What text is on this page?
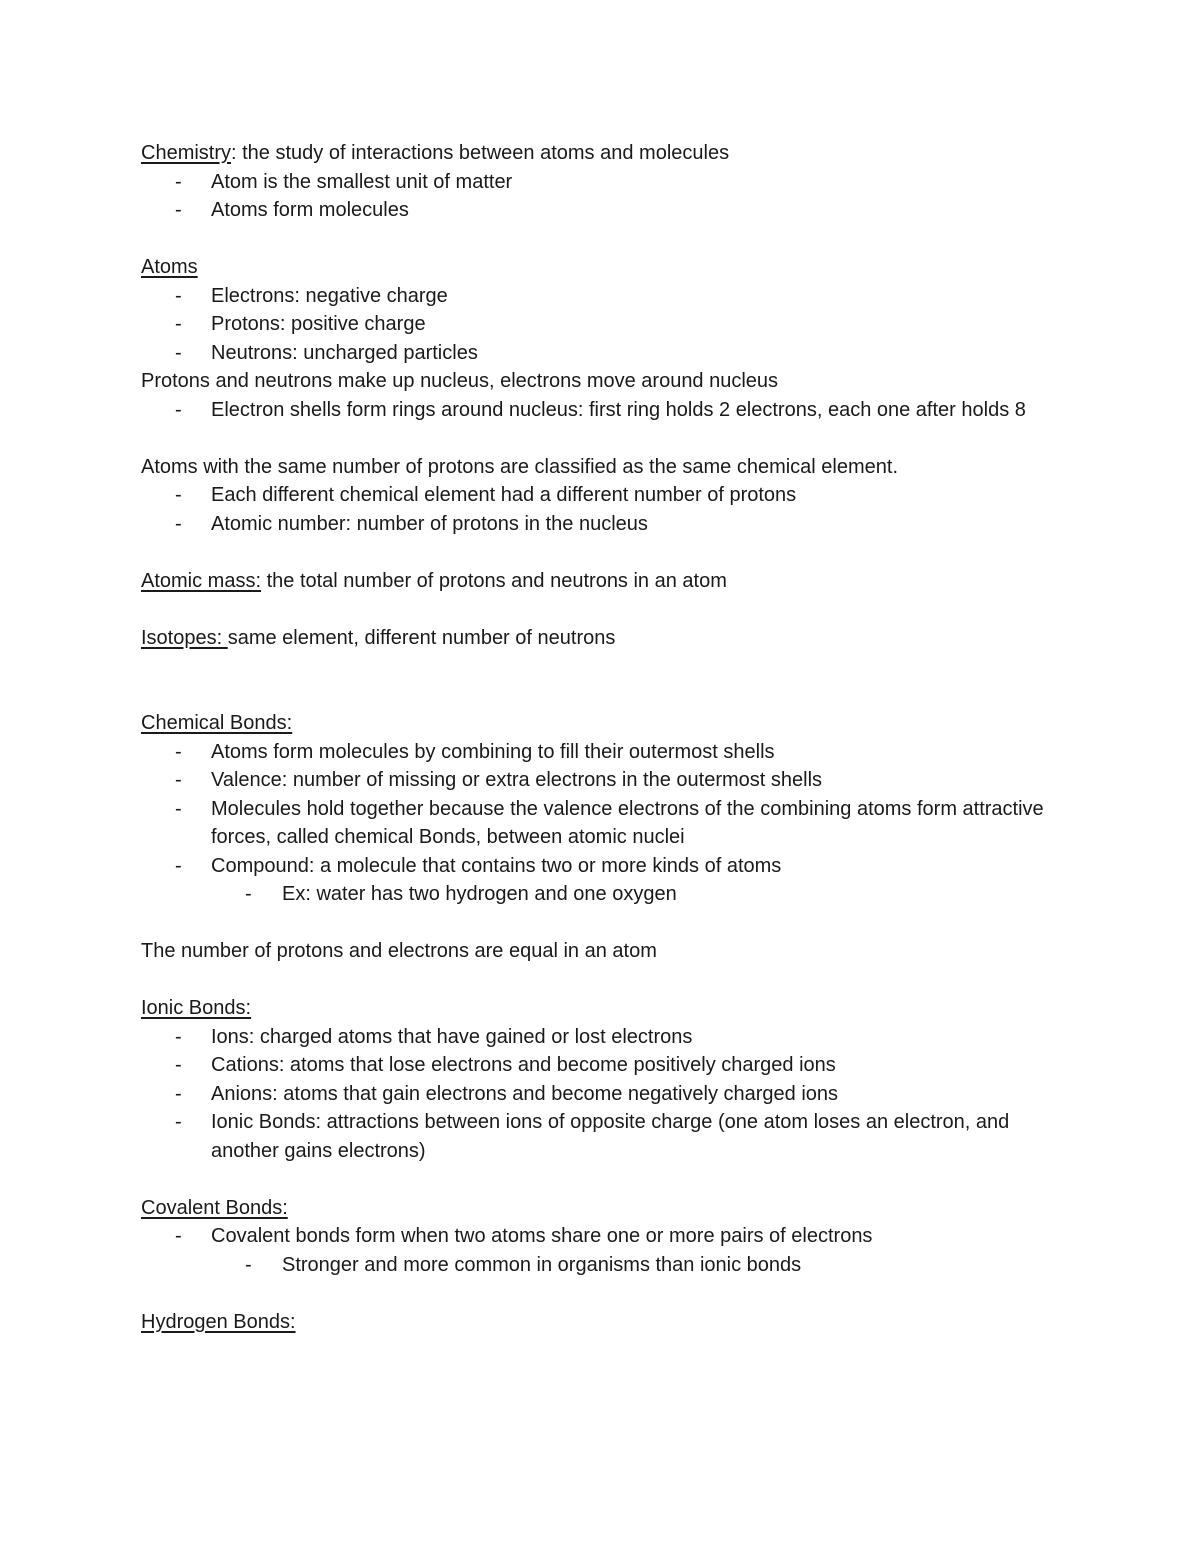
Chemistry: the study of interactions between atoms and molecules
- Atom is the smallest unit of matter
- Atoms form molecules
Atoms
- Electrons: negative charge
- Protons: positive charge
- Neutrons: uncharged particles
Protons and neutrons make up nucleus, electrons move around nucleus
- Electron shells form rings around nucleus: first ring holds 2 electrons, each one after holds 8
Atoms with the same number of protons are classified as the same chemical element.
- Each different chemical element had a different number of protons
- Atomic number: number of protons in the nucleus
Atomic mass: the total number of protons and neutrons in an atom
Isotopes: same element, different number of neutrons
Chemical Bonds:
- Atoms form molecules by combining to fill their outermost shells
- Valence: number of missing or extra electrons in the outermost shells
- Molecules hold together because the valence electrons of the combining atoms form attractive forces, called chemical Bonds, between atomic nuclei
- Compound: a molecule that contains two or more kinds of atoms
- Ex: water has two hydrogen and one oxygen
The number of protons and electrons are equal in an atom
Ionic Bonds:
- Ions: charged atoms that have gained or lost electrons
- Cations: atoms that lose electrons and become positively charged ions
- Anions: atoms that gain electrons and become negatively charged ions
- Ionic Bonds: attractions between ions of opposite charge (one atom loses an electron, and another gains electrons)
Covalent Bonds:
- Covalent bonds form when two atoms share one or more pairs of electrons
- Stronger and more common in organisms than ionic bonds
Hydrogen Bonds:
